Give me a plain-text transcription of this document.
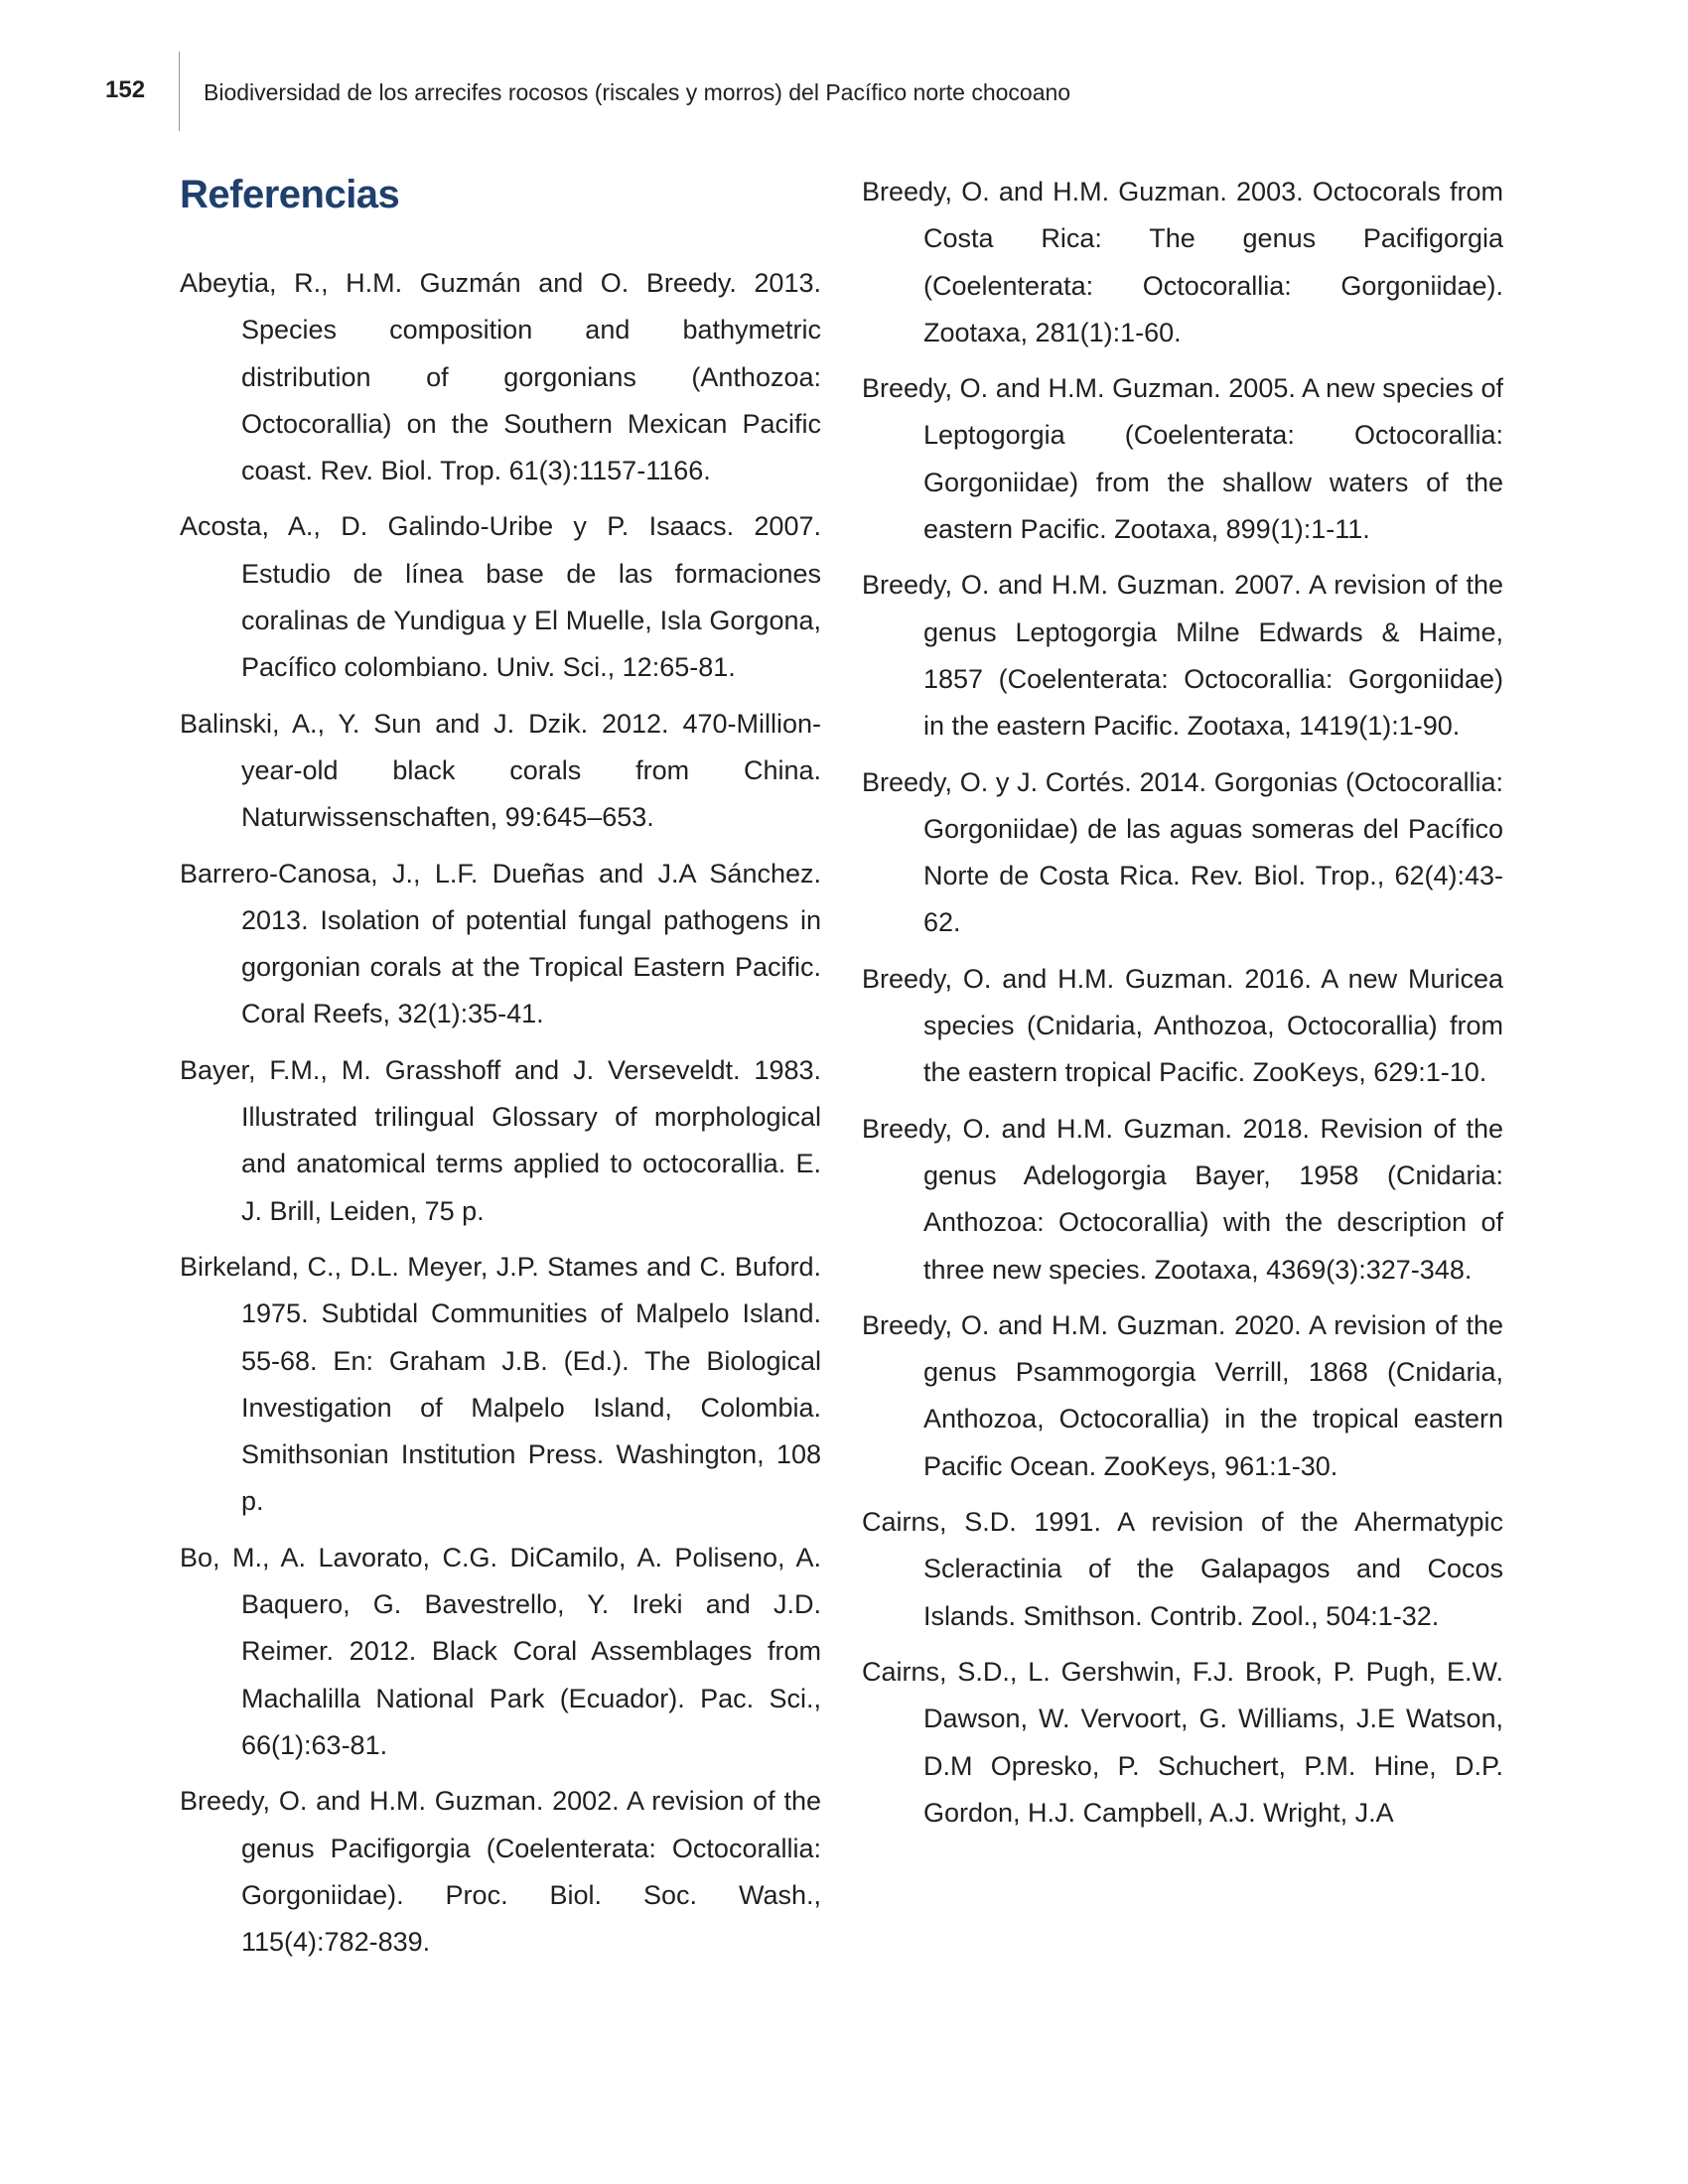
152	Biodiversidad de los arrecifes rocosos (riscales y morros) del Pacífico norte chocoano
Referencias
Abeytia, R., H.M. Guzmán and O. Breedy. 2013. Species composition and bathymetric distribution of gorgonians (Anthozoa: Octocorallia) on the Southern Mexican Pacific coast. Rev. Biol. Trop. 61(3):1157-1166.
Acosta, A., D. Galindo-Uribe y P. Isaacs. 2007. Estudio de línea base de las formaciones coralinas de Yundigua y El Muelle, Isla Gorgona, Pacífico colombiano. Univ. Sci., 12:65-81.
Balinski, A., Y. Sun and J. Dzik. 2012. 470-Million-year-old black corals from China. Naturwissenschaften, 99:645–653.
Barrero-Canosa, J., L.F. Dueñas and J.A Sánchez. 2013. Isolation of potential fungal pathogens in gorgonian corals at the Tropical Eastern Pacific. Coral Reefs, 32(1):35-41.
Bayer, F.M., M. Grasshoff and J. Verseveldt. 1983. Illustrated trilingual Glossary of morphological and anatomical terms applied to octocorallia. E. J. Brill, Leiden, 75 p.
Birkeland, C., D.L. Meyer, J.P. Stames and C. Buford. 1975. Subtidal Communities of Malpelo Island. 55-68. En: Graham J.B. (Ed.). The Biological Investigation of Malpelo Island, Colombia. Smithsonian Institution Press. Washington, 108 p.
Bo, M., A. Lavorato, C.G. DiCamilo, A. Poliseno, A. Baquero, G. Bavestrello, Y. Ireki and J.D. Reimer. 2012. Black Coral Assemblages from Machalilla National Park (Ecuador). Pac. Sci., 66(1):63-81.
Breedy, O. and H.M. Guzman. 2002. A revision of the genus Pacifigorgia (Coelenterata: Octocorallia: Gorgoniidae). Proc. Biol. Soc. Wash., 115(4):782-839.
Breedy, O. and H.M. Guzman. 2003. Octocorals from Costa Rica: The genus Pacifigorgia (Coelenterata: Octocorallia: Gorgoniidae). Zootaxa, 281(1):1-60.
Breedy, O. and H.M. Guzman. 2005. A new species of Leptogorgia (Coelenterata: Octocorallia: Gorgoniidae) from the shallow waters of the eastern Pacific. Zootaxa, 899(1):1-11.
Breedy, O. and H.M. Guzman. 2007. A revision of the genus Leptogorgia Milne Edwards & Haime, 1857 (Coelenterata: Octocorallia: Gorgoniidae) in the eastern Pacific. Zootaxa, 1419(1):1-90.
Breedy, O. y J. Cortés. 2014. Gorgonias (Octocorallia: Gorgoniidae) de las aguas someras del Pacífico Norte de Costa Rica. Rev. Biol. Trop., 62(4):43-62.
Breedy, O. and H.M. Guzman. 2016. A new Muricea species (Cnidaria, Anthozoa, Octocorallia) from the eastern tropical Pacific. ZooKeys, 629:1-10.
Breedy, O. and H.M. Guzman. 2018. Revision of the genus Adelogorgia Bayer, 1958 (Cnidaria: Anthozoa: Octocorallia) with the description of three new species. Zootaxa, 4369(3):327-348.
Breedy, O. and H.M. Guzman. 2020. A revision of the genus Psammogorgia Verrill, 1868 (Cnidaria, Anthozoa, Octocorallia) in the tropical eastern Pacific Ocean. ZooKeys, 961:1-30.
Cairns, S.D. 1991. A revision of the Ahermatypic Scleractinia of the Galapagos and Cocos Islands. Smithson. Contrib. Zool., 504:1-32.
Cairns, S.D., L. Gershwin, F.J. Brook, P. Pugh, E.W. Dawson, W. Vervoort, G. Williams, J.E Watson, D.M Opresko, P. Schuchert, P.M. Hine, D.P. Gordon, H.J. Campbell, A.J. Wright, J.A
